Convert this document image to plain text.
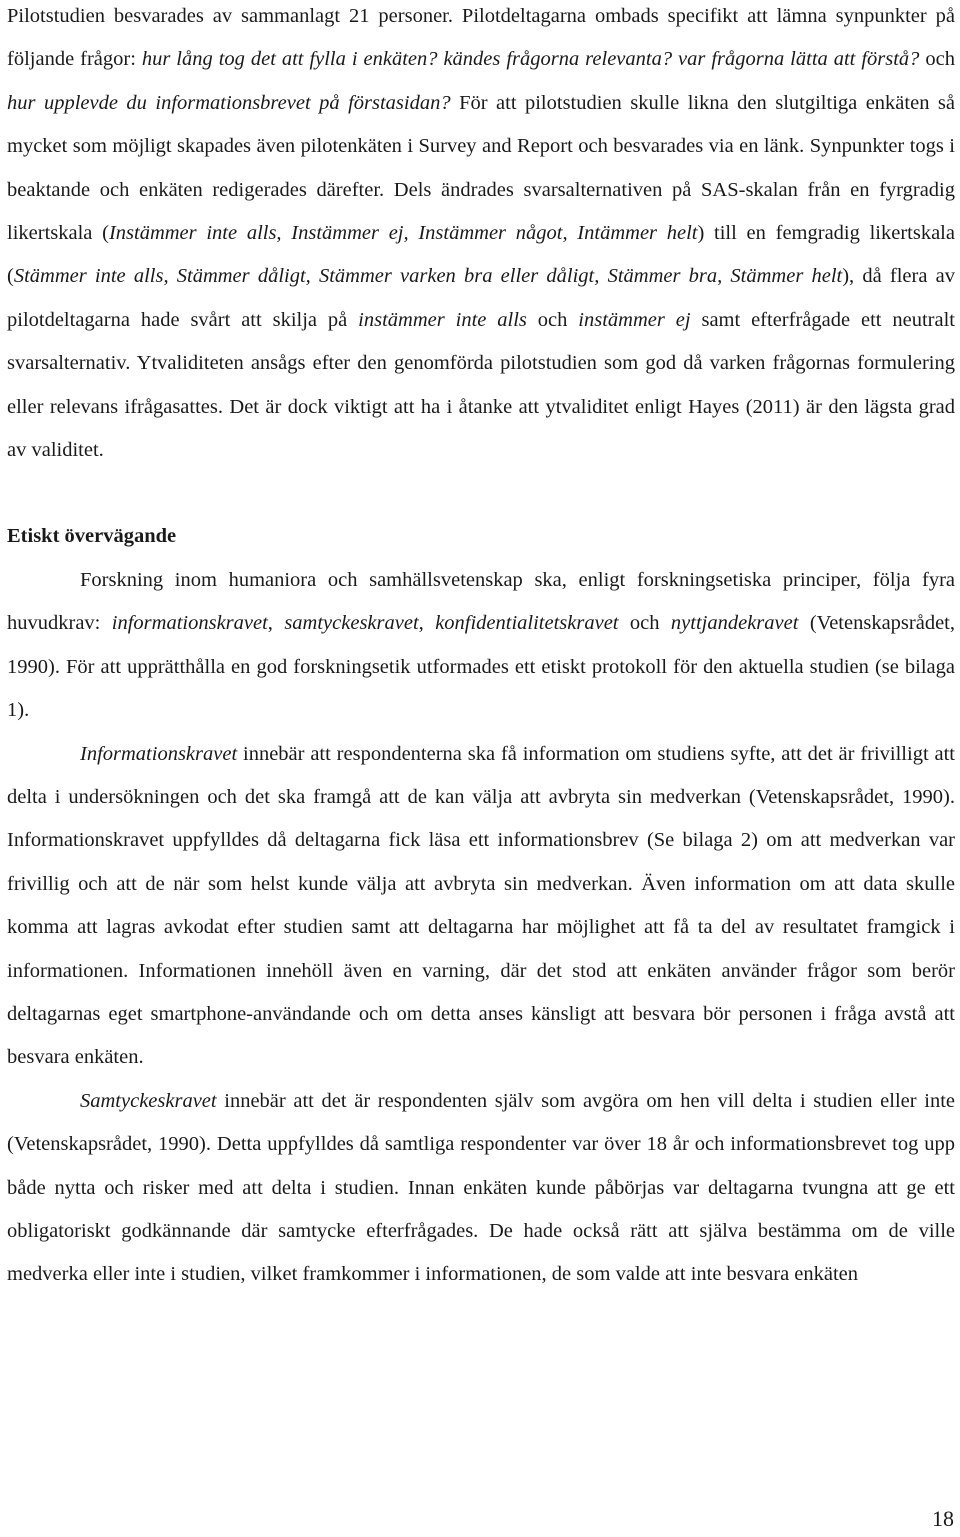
Pilotstudien besvarades av sammanlagt 21 personer. Pilotdeltagarna ombads specifikt att lämna synpunkter på följande frågor: hur lång tog det att fylla i enkäten? kändes frågorna relevanta? var frågorna lätta att förstå? och hur upplevde du informationsbrevet på förstasidan? För att pilotstudien skulle likna den slutgiltiga enkäten så mycket som möjligt skapades även pilotenkäten i Survey and Report och besvarades via en länk. Synpunkter togs i beaktande och enkäten redigerades därefter. Dels ändrades svarsalternativen på SAS-skalan från en fyrgradig likertskala (Instämmer inte alls, Instämmer ej, Instämmer något, Intämmer helt) till en femgradig likertskala (Stämmer inte alls, Stämmer dåligt, Stämmer varken bra eller dåligt, Stämmer bra, Stämmer helt), då flera av pilotdeltagarna hade svårt att skilja på instämmer inte alls och instämmer ej samt efterfrågade ett neutralt svarsalternativ. Ytvaliditeten ansågs efter den genomförda pilotstudien som god då varken frågornas formulering eller relevans ifrågasattes. Det är dock viktigt att ha i åtanke att ytvaliditet enligt Hayes (2011) är den lägsta grad av validitet.

Etiskt övervägande

Forskning inom humaniora och samhällsvetenskap ska, enligt forskningsetiska principer, följa fyra huvudkrav: informationskravet, samtyckeskravet, konfidentialitetskravet och nyttjandekravet (Vetenskapsrådet, 1990). För att upprätthålla en god forskningsetik utformades ett etiskt protokoll för den aktuella studien (se bilaga 1).

Informationskravet innebär att respondenterna ska få information om studiens syfte, att det är frivilligt att delta i undersökningen och det ska framgå att de kan välja att avbryta sin medverkan (Vetenskapsrådet, 1990). Informationskravet uppfylldes då deltagarna fick läsa ett informationsbrev (Se bilaga 2) om att medverkan var frivillig och att de när som helst kunde välja att avbryta sin medverkan. Även information om att data skulle komma att lagras avkodat efter studien samt att deltagarna har möjlighet att få ta del av resultatet framgick i informationen. Informationen innehöll även en varning, där det stod att enkäten använder frågor som berör deltagarnas eget smartphone-användande och om detta anses känsligt att besvara bör personen i fråga avstå att besvara enkäten.

Samtyckeskravet innebär att det är respondenten själv som avgöra om hen vill delta i studien eller inte (Vetenskapsrådet, 1990). Detta uppfylldes då samtliga respondenter var över 18 år och informationsbrevet tog upp både nytta och risker med att delta i studien. Innan enkäten kunde påbörjas var deltagarna tvungna att ge ett obligatoriskt godkännande där samtycke efterfrågades. De hade också rätt att själva bestämma om de ville medverka eller inte i studien, vilket framkommer i informationen, de som valde att inte besvara enkäten

18
